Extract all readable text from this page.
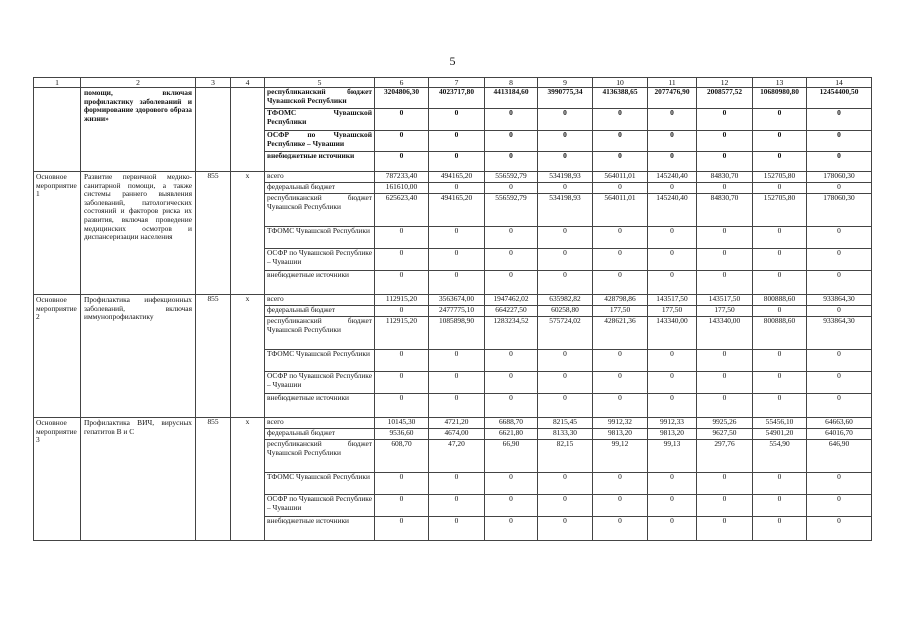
5
1	2	3	4	5	6	7	8	9	10	11	12	13	14
	помощи, включая профилактику заболеваний и формирование здорового образа жизни»			республиканский бюджет Чувашской Республики	3204806,30	4023717,80	4413184,60	3990775,34	4136388,65	2077476,90	2008577,52	10680980,80	12454400,50
				ТФОМС Чувашской Республики	0	0	0	0	0	0	0	0	0
				ОСФР по Чувашской Республике – Чувашии	0	0	0	0	0	0	0	0	0
				внебюджетные источники	0	0	0	0	0	0	0	0	0
Основное мероприятие 1	Развитие первичной медико-санитарной помощи, а также системы раннего выявления заболеваний, патологических состояний и факторов риска их развития, включая проведение медицинских осмотров и диспансеризации населения	855	х	всего	787233,40	494165,20	556592,79	534198,93	564011,01	145240,40	84830,70	152705,80	178060,30
				федеральный бюджет	161610,00	0	0	0	0	0	0	0	0
				республиканский бюджет Чувашской Республики	625623,40	494165,20	556592,79	534198,93	564011,01	145240,40	84830,70	152705,80	178060,30
				ТФОМС Чувашской Республики	0	0	0	0	0	0	0	0	0
				ОСФР по Чувашской Республике – Чувашии	0	0	0	0	0	0	0	0	0
				внебюджетные источники	0	0	0	0	0	0	0	0	0
Основное мероприятие 2	Профилактика инфекционных заболеваний, включая иммунопрофилактику	855	х	всего	112915,20	3563674,00	1947462,02	635982,82	428798,86	143517,50	143517,50	800888,60	933864,30
				федеральный бюджет	0	2477775,10	664227,50	60258,80	177,50	177,50	177,50	0	0
				республиканский бюджет Чувашской Республики	112915,20	1085898,90	1283234,52	575724,02	428621,36	143340,00	143340,00	800888,60	933864,30
				ТФОМС Чувашской Республики	0	0	0	0	0	0	0	0	0
				ОСФР по Чувашской Республике – Чувашии	0	0	0	0	0	0	0	0	0
				внебюджетные источники	0	0	0	0	0	0	0	0	0
Основное мероприятие 3	Профилактика ВИЧ, вирусных гепатитов В и С	855	х	всего	10145,30	4721,20	6688,70	8215,45	9912,32	9912,33	9925,26	55456,10	64663,60
				федеральный бюджет	9536,60	4674,00	6621,80	8133,30	9813,20	9813,20	9627,50	54901,20	64016,70
				республиканский бюджет Чувашской Республики	608,70	47,20	66,90	82,15	99,12	99,13	297,76	554,90	646,90
				ТФОМС Чувашской Республики	0	0	0	0	0	0	0	0	0
				ОСФР по Чувашской Республике – Чувашии	0	0	0	0	0	0	0	0	0
				внебюджетные источники	0	0	0	0	0	0	0	0	0
